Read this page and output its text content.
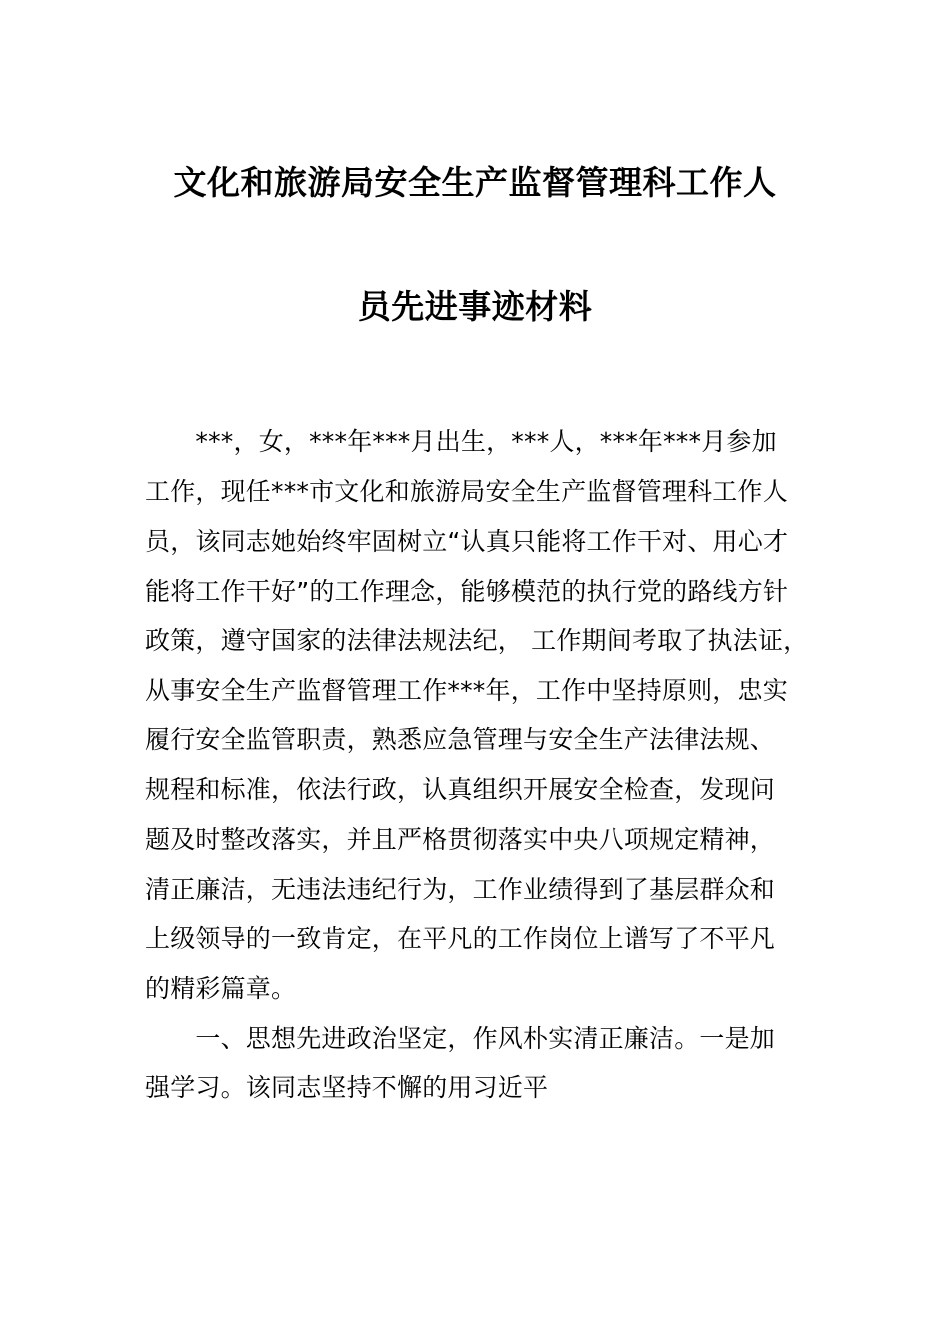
文化和旅游局安全生产监督管理科工作人
员先进事迹材料
　　***，女，***年***月出生，***人，***年***月参加
工作，现任***市文化和旅游局安全生产监督管理科工作人
员，该同志她始终牢固树立“认真只能将工作干对、用心才
能将工作干好”的工作理念，能够模范的执行党的路线方针
政策，遵守国家的法律法规法纪， 工作期间考取了执法证，
从事安全生产监督管理工作***年，工作中坚持原则，忠实
履行安全监管职责，熟悉应急管理与安全生产法律法规、
规程和标准，依法行政，认真组织开展安全检查，发现问
题及时整改落实，并且严格贯彻落实中央八项规定精神，
清正廉洁，无违法违纪行为，工作业绩得到了基层群众和
上级领导的一致肯定，在平凡的工作岗位上谱写了不平凡
的精彩篇章。
　　一、思想先进政治坚定，作风朴实清正廉洁。一是加
强学习。该同志坚持不懈的用习近平
